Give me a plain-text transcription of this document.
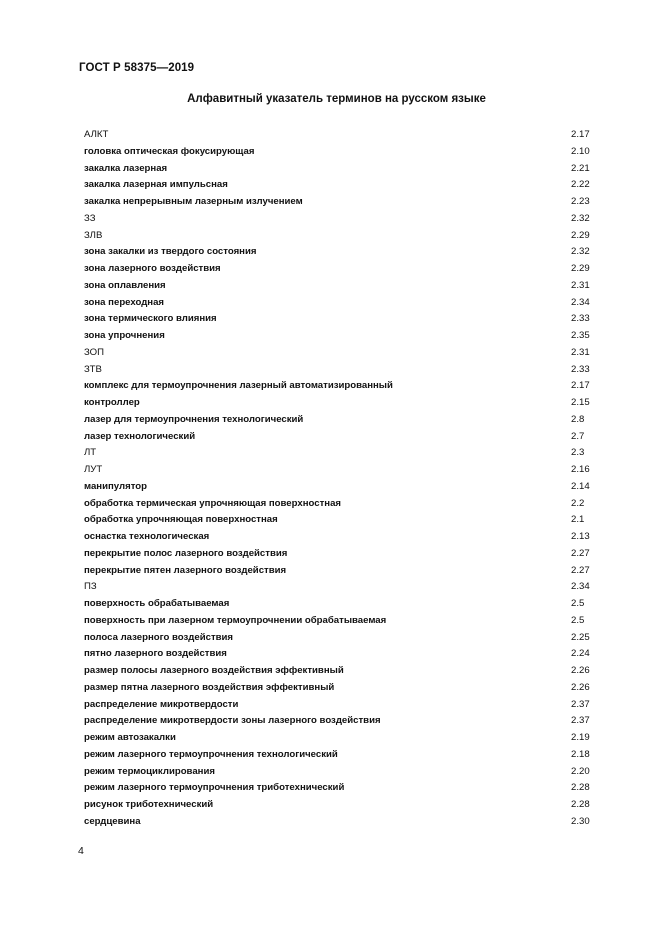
ГОСТ Р 58375—2019
Алфавитный указатель терминов на русском языке
АЛКТ	2.17
головка оптическая фокусирующая	2.10
закалка лазерная	2.21
закалка лазерная импульсная	2.22
закалка непрерывным лазерным излучением	2.23
ЗЗ	2.32
ЗЛВ	2.29
зона закалки из твердого состояния	2.32
зона лазерного воздействия	2.29
зона оплавления	2.31
зона переходная	2.34
зона термического влияния	2.33
зона упрочнения	2.35
ЗОП	2.31
ЗТВ	2.33
комплекс для термоупрочнения лазерный автоматизированный	2.17
контроллер	2.15
лазер для термоупрочнения технологический	2.8
лазер технологический	2.7
ЛТ	2.3
ЛУТ	2.16
манипулятор	2.14
обработка термическая упрочняющая поверхностная	2.2
обработка упрочняющая поверхностная	2.1
оснастка технологическая	2.13
перекрытие полос лазерного воздействия	2.27
перекрытие пятен лазерного воздействия	2.27
ПЗ	2.34
поверхность обрабатываемая	2.5
поверхность при лазерном термоупрочнении обрабатываемая	2.5
полоса лазерного воздействия	2.25
пятно лазерного воздействия	2.24
размер полосы лазерного воздействия эффективный	2.26
размер пятна лазерного воздействия эффективный	2.26
распределение микротвердости	2.37
распределение микротвердости зоны лазерного воздействия	2.37
режим автозакалки	2.19
режим лазерного термоупрочнения технологический	2.18
режим термоциклирования	2.20
режим лазерного термоупрочнения триботехнический	2.28
рисунок триботехнический	2.28
сердцевина	2.30
4
